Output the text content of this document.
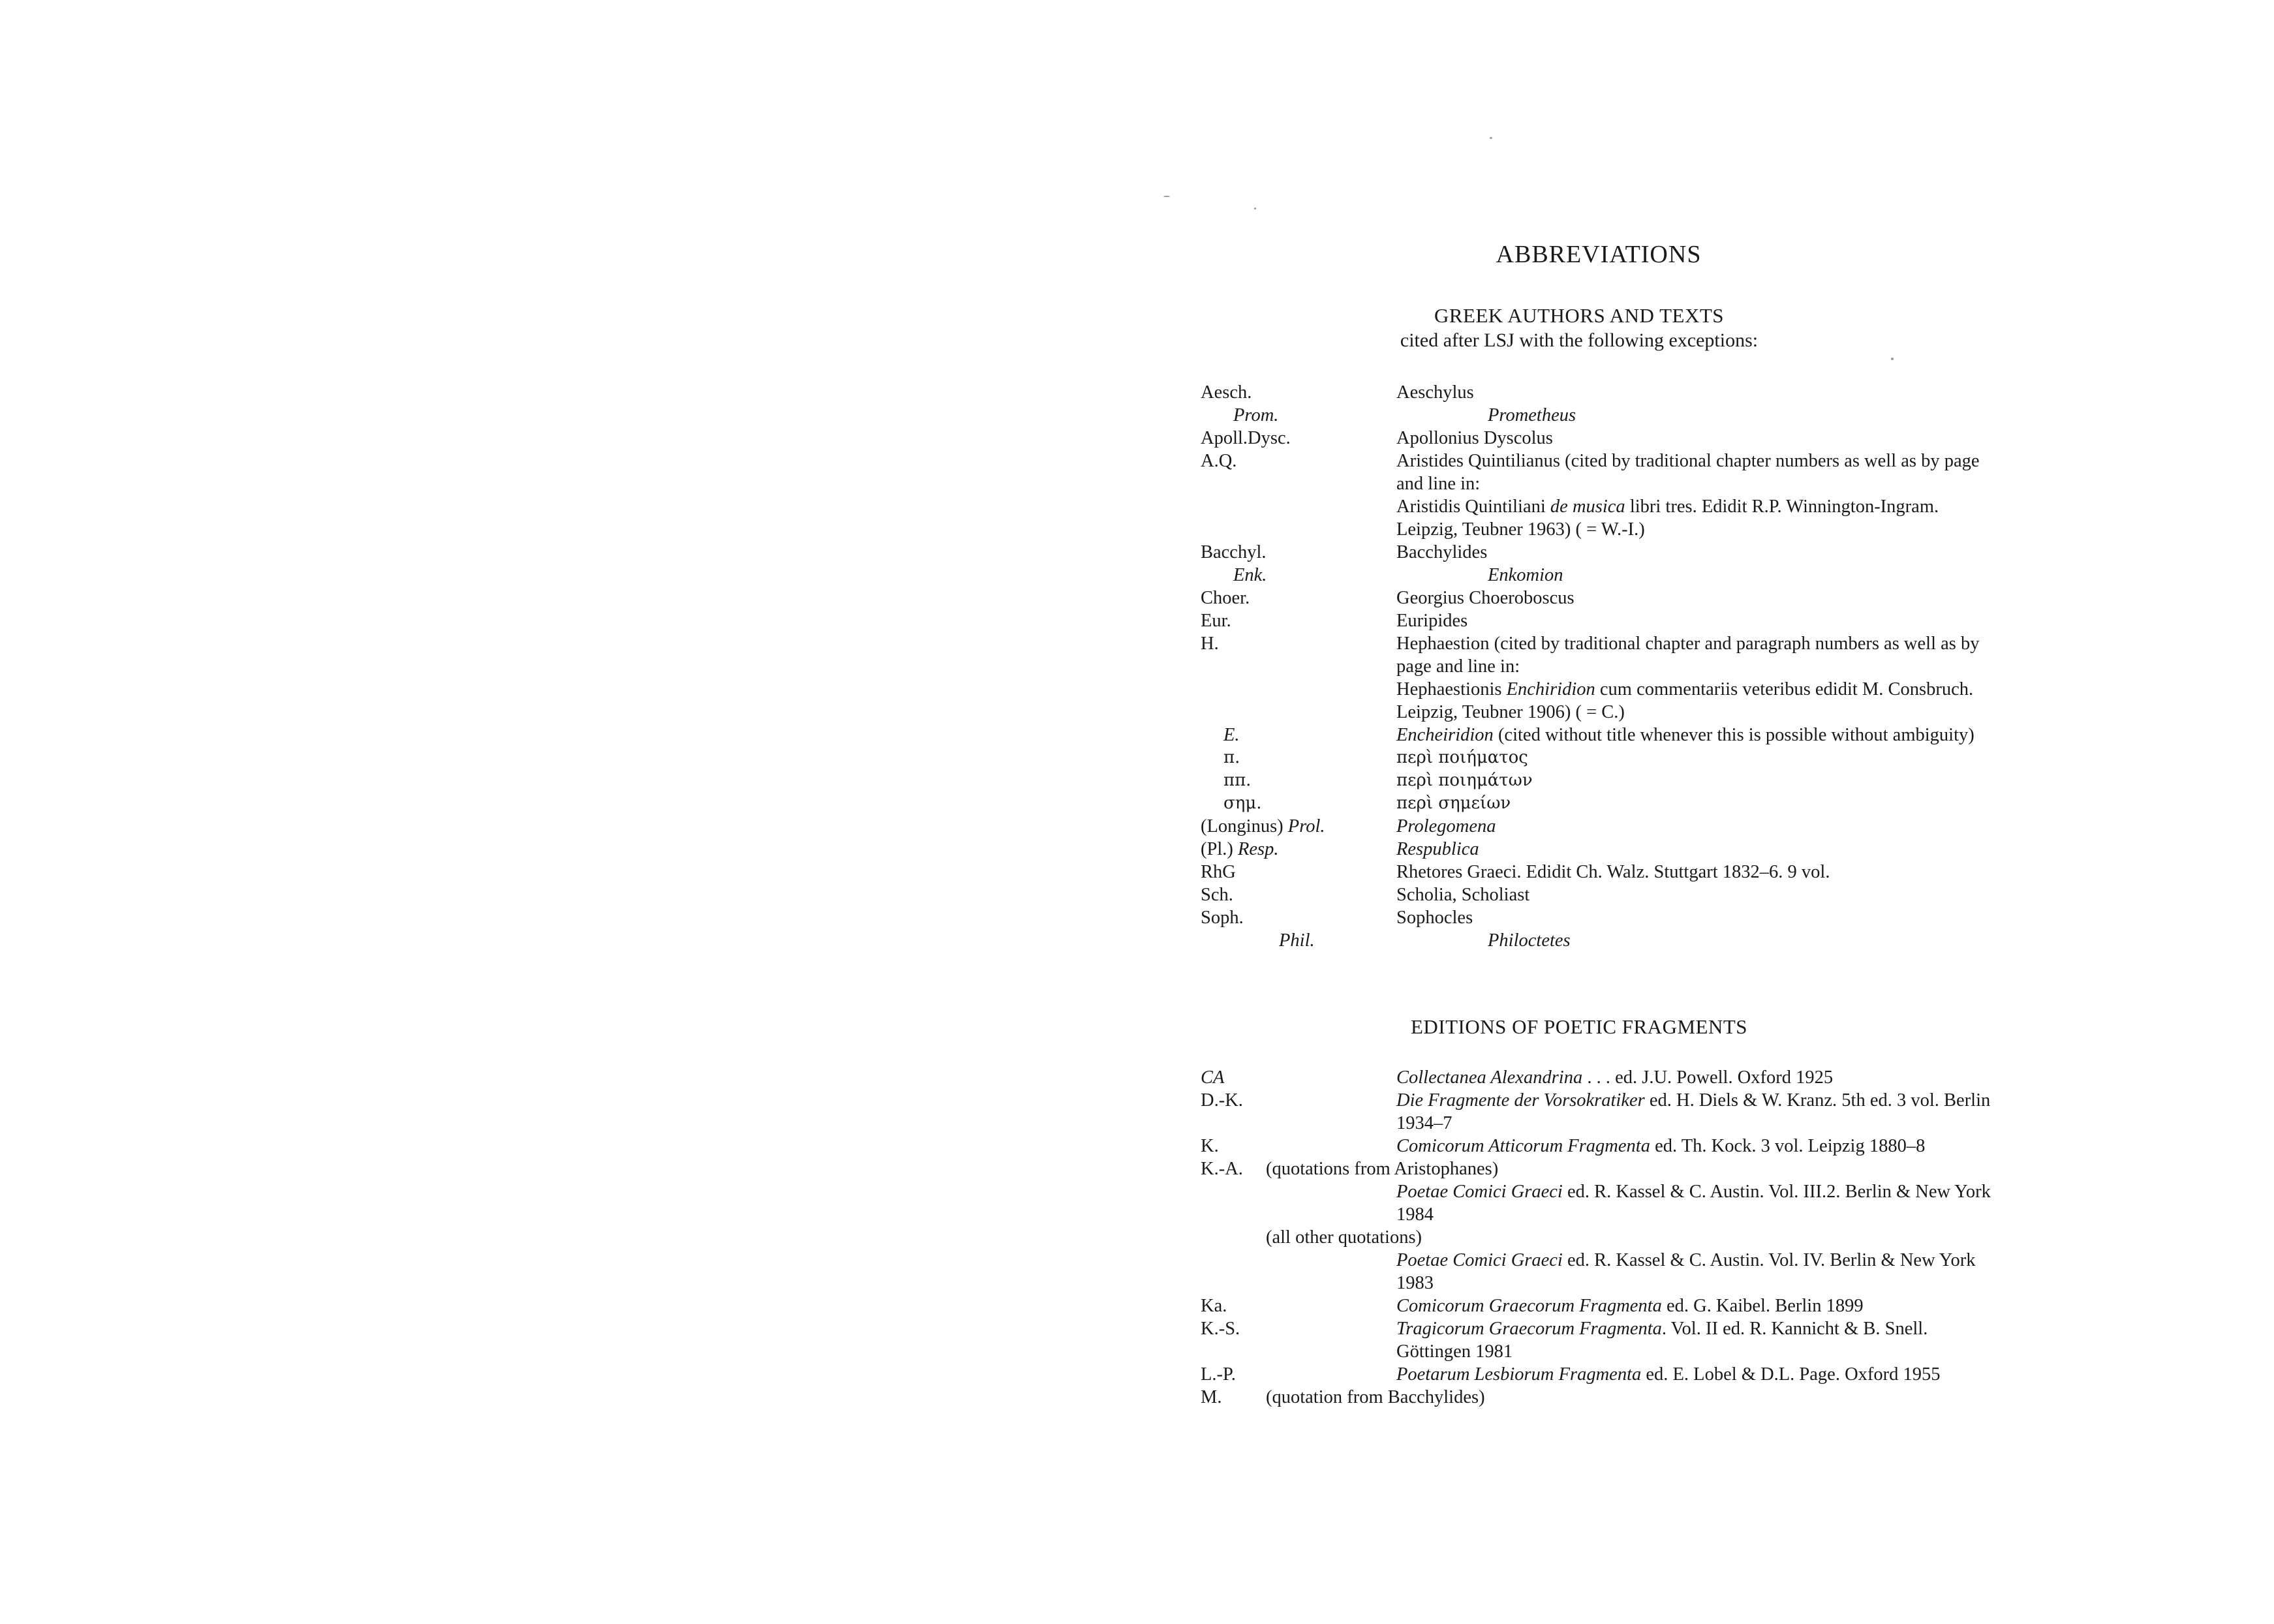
ABBREVIATIONS
GREEK AUTHORS AND TEXTS
cited after LSJ with the following exceptions:
Aesch.	Aeschylus
Prom.	Prometheus
Apoll.Dysc.	Apollonius Dyscolus
A.Q.	Aristides Quintilianus (cited by traditional chapter numbers as well as by page and line in:
Aristidis Quintiliani de musica libri tres. Edidit R.P. Winnington-Ingram. Leipzig, Teubner 1963) ( = W.-I.)
Bacchyl.	Bacchylides
Enk.	Enkomion
Choer.	Georgius Choeroboscus
Eur.	Euripides
H.	Hephaestion (cited by traditional chapter and paragraph numbers as well as by page and line in:
Hephaestionis Enchiridion cum commentariis veteribus edidit M. Consbruch. Leipzig, Teubner 1906) ( = C.)
E.	Encheiridion (cited without title whenever this is possible without ambiguity)
π.	περὶ ποιήματος
ππ.	περὶ ποιημάτων
σημ.	περὶ σημείων
(Longinus) Prol.	Prolegomena
(Pl.) Resp.	Respublica
RhG	Rhetores Graeci. Edidit Ch. Walz. Stuttgart 1832–6. 9 vol.
Sch.	Scholia, Scholiast
Soph.	Sophocles
Phil.	Philoctetes
EDITIONS OF POETIC FRAGMENTS
CA	Collectanea Alexandrina . . . ed. J.U. Powell. Oxford 1925
D.-K.	Die Fragmente der Vorsokratiker ed. H. Diels & W. Kranz. 5th ed. 3 vol. Berlin 1934–7
K.	Comicorum Atticorum Fragmenta ed. Th. Kock. 3 vol. Leipzig 1880–8
K.-A. (quotations from Aristophanes)
Poetae Comici Graeci ed. R. Kassel & C. Austin. Vol. III.2. Berlin & New York 1984
(all other quotations)
Poetae Comici Graeci ed. R. Kassel & C. Austin. Vol. IV. Berlin & New York 1983
Ka.	Comicorum Graecorum Fragmenta ed. G. Kaibel. Berlin 1899
K.-S.	Tragicorum Graecorum Fragmenta. Vol. II ed. R. Kannicht & B. Snell. Göttingen 1981
L.-P.	Poetarum Lesbiorum Fragmenta ed. E. Lobel & D.L. Page. Oxford 1955
M. (quotation from Bacchylides)
